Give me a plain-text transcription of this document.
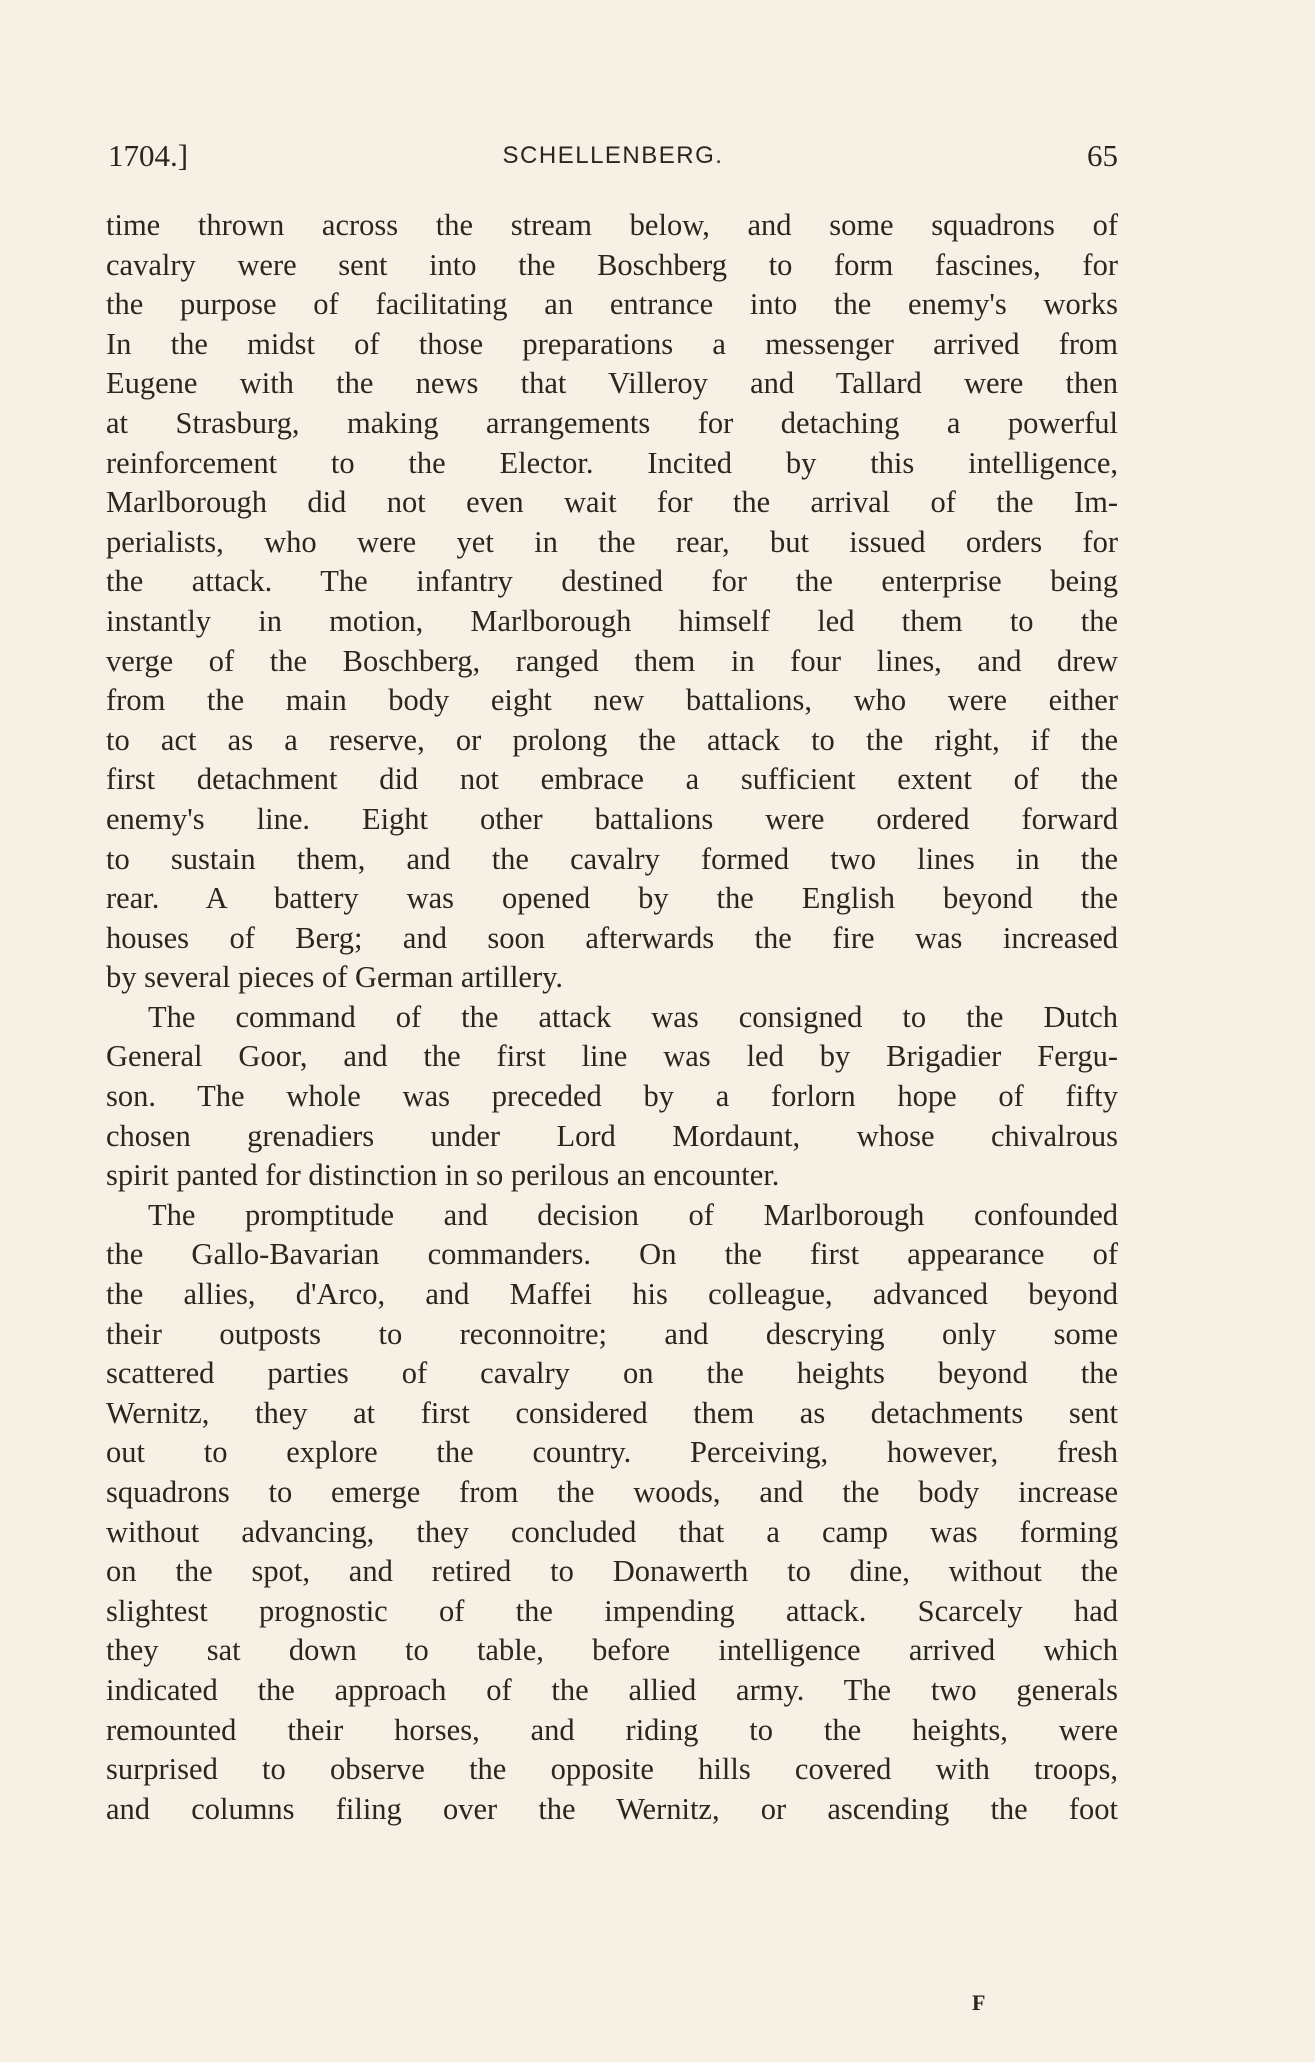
1704.]	SCHELLENBERG.	65
time thrown across the stream below, and some squadrons of
cavalry were sent into the Boschberg to form fascines, for
the purpose of facilitating an entrance into the enemy's works
In the midst of those preparations a messenger arrived from
Eugene with the news that Villeroy and Tallard were then
at Strasburg, making arrangements for detaching a powerful
reinforcement to the Elector. Incited by this intelligence,
Marlborough did not even wait for the arrival of the Im-
perialists, who were yet in the rear, but issued orders for
the attack. The infantry destined for the enterprise being
instantly in motion, Marlborough himself led them to the
verge of the Boschberg, ranged them in four lines, and drew
from the main body eight new battalions, who were either
to act as a reserve, or prolong the attack to the right, if the
first detachment did not embrace a sufficient extent of the
enemy's line. Eight other battalions were ordered forward
to sustain them, and the cavalry formed two lines in the
rear. A battery was opened by the English beyond the
houses of Berg; and soon afterwards the fire was increased
by several pieces of German artillery.
The command of the attack was consigned to the Dutch
General Goor, and the first line was led by Brigadier Fergu-
son. The whole was preceded by a forlorn hope of fifty
chosen grenadiers under Lord Mordaunt, whose chivalrous
spirit panted for distinction in so perilous an encounter.
The promptitude and decision of Marlborough confounded
the Gallo-Bavarian commanders. On the first appearance of
the allies, d'Arco, and Maffei his colleague, advanced beyond
their outposts to reconnoitre; and descrying only some
scattered parties of cavalry on the heights beyond the
Wernitz, they at first considered them as detachments sent
out to explore the country. Perceiving, however, fresh
squadrons to emerge from the woods, and the body increase
without advancing, they concluded that a camp was forming
on the spot, and retired to Donawerth to dine, without the
slightest prognostic of the impending attack. Scarcely had
they sat down to table, before intelligence arrived which
indicated the approach of the allied army. The two generals
remounted their horses, and riding to the heights, were
surprised to observe the opposite hills covered with troops,
and columns filing over the Wernitz, or ascending the foot
F
